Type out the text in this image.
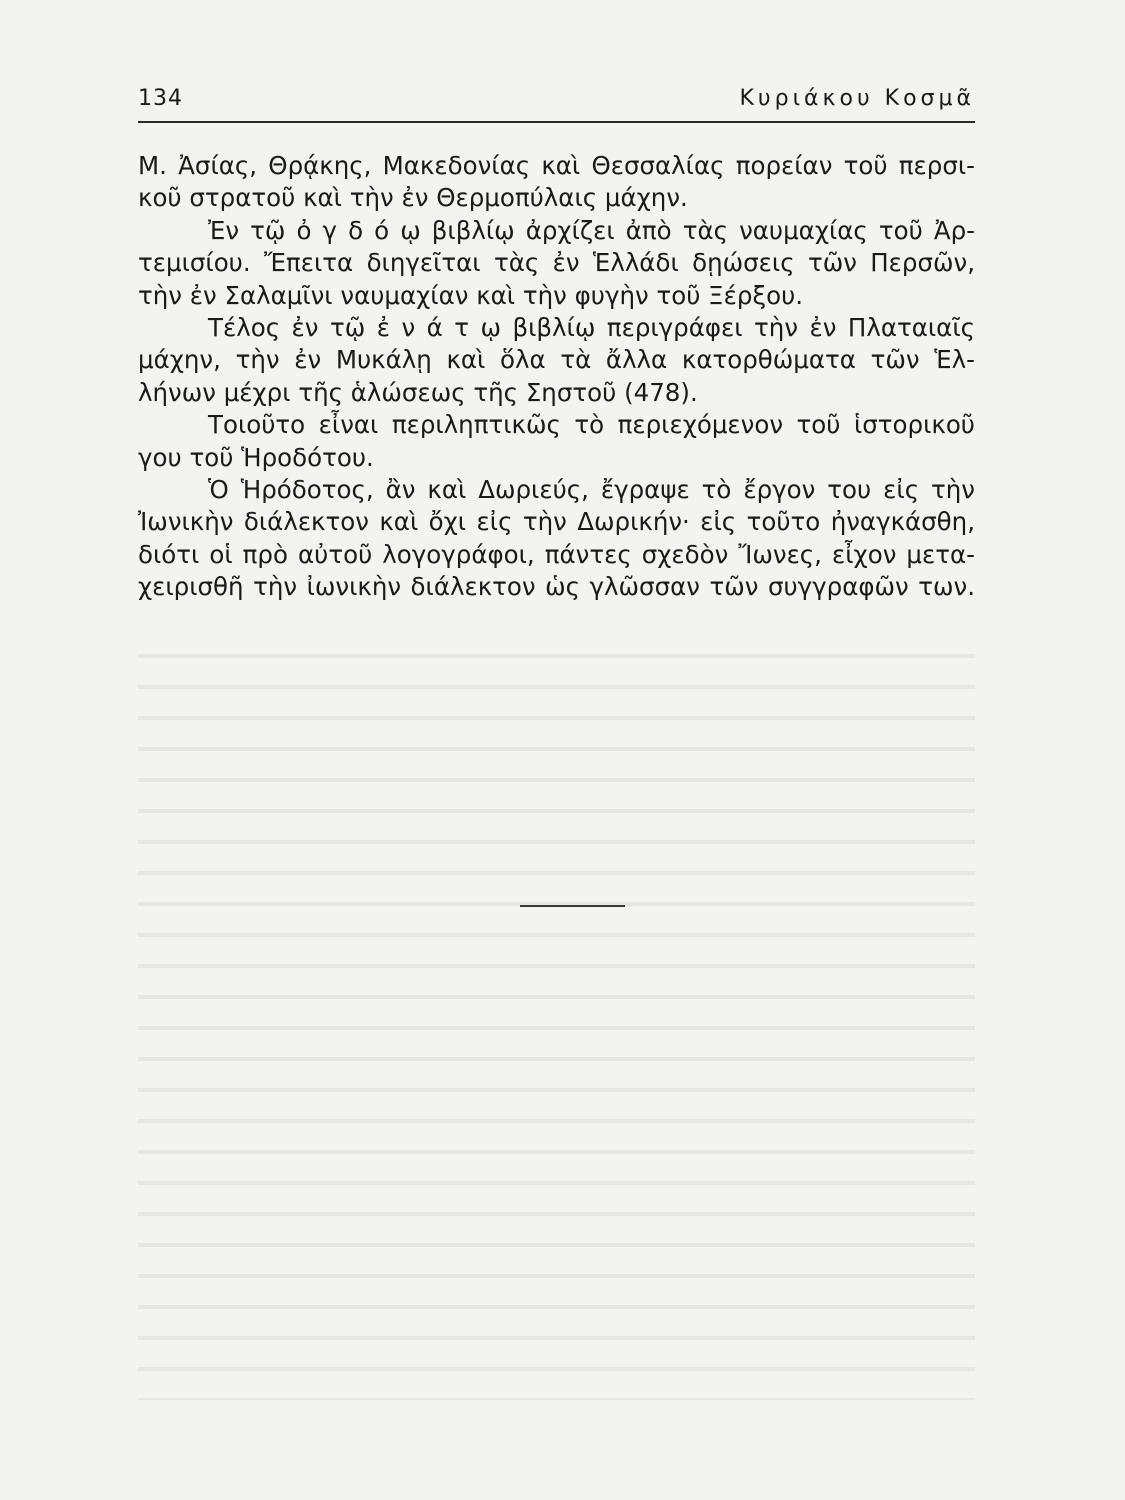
134	Κυριάκου Κοσμᾶ
Μ. Ἀσίας, Θρᾴκης, Μακεδονίας καὶ Θεσσαλίας πορείαν τοῦ περσι-
κοῦ στρατοῦ καὶ τὴν ἐν Θερμοπύλαις μάχην.
Ἐν τῷ ὀ γ δ ό ῳ βιβλίῳ ἀρχίζει ἀπὸ τὰς ναυμαχίας τοῦ Ἀρ-
τεμισίου. Ἔπειτα διηγεῖται τὰς ἐν Ἑλλάδι δῃώσεις τῶν Περσῶν,
τὴν ἐν Σαλαμῖνι ναυμαχίαν καὶ τὴν φυγὴν τοῦ Ξέρξου.
Τέλος ἐν τῷ ἐ ν ά τ ῳ βιβλίῳ περιγράφει τὴν ἐν Πλαταιαῖς
μάχην, τὴν ἐν Μυκάλῃ καὶ ὅλα τὰ ἄλλα κατορθώματα τῶν Ἑλ-
λήνων μέχρι τῆς ἁλώσεως τῆς Σηστοῦ (478).
Τοιοῦτο εἶναι περιληπτικῶς τὸ περιεχόμενον τοῦ ἱστορικοῦ
γου τοῦ Ἡροδότου.
Ὁ Ἡρόδοτος, ἂν καὶ Δωριεύς, ἔγραψε τὸ ἔργον του εἰς τὴν
Ἰωνικὴν διάλεκτον καὶ ὄχι εἰς τὴν Δωρικήν· εἰς τοῦτο ἠναγκάσθη,
διότι οἱ πρὸ αὐτοῦ λογογράφοι, πάντες σχεδὸν Ἴωνες, εἶχον μετα-
χειρισθῆ τὴν ἰωνικὴν διάλεκτον ὡς γλῶσσαν τῶν συγγραφῶν των.
